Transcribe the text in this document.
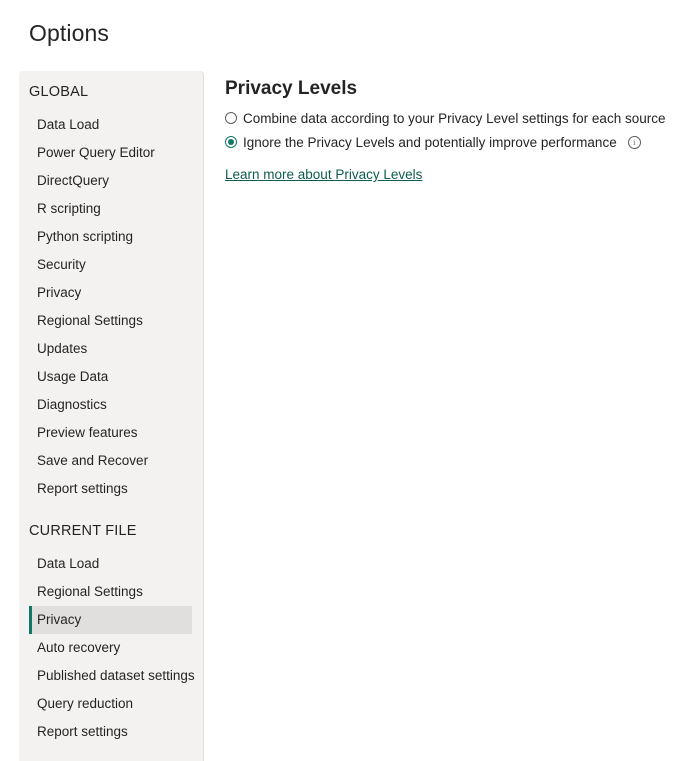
Options
GLOBAL
Data Load
Power Query Editor
DirectQuery
R scripting
Python scripting
Security
Privacy
Regional Settings
Updates
Usage Data
Diagnostics
Preview features
Save and Recover
Report settings
CURRENT FILE
Data Load
Regional Settings
Privacy
Auto recovery
Published dataset settings
Query reduction
Report settings
Privacy Levels
Combine data according to your Privacy Level settings for each source
Ignore the Privacy Levels and potentially improve performance	i
Learn more about Privacy Levels
